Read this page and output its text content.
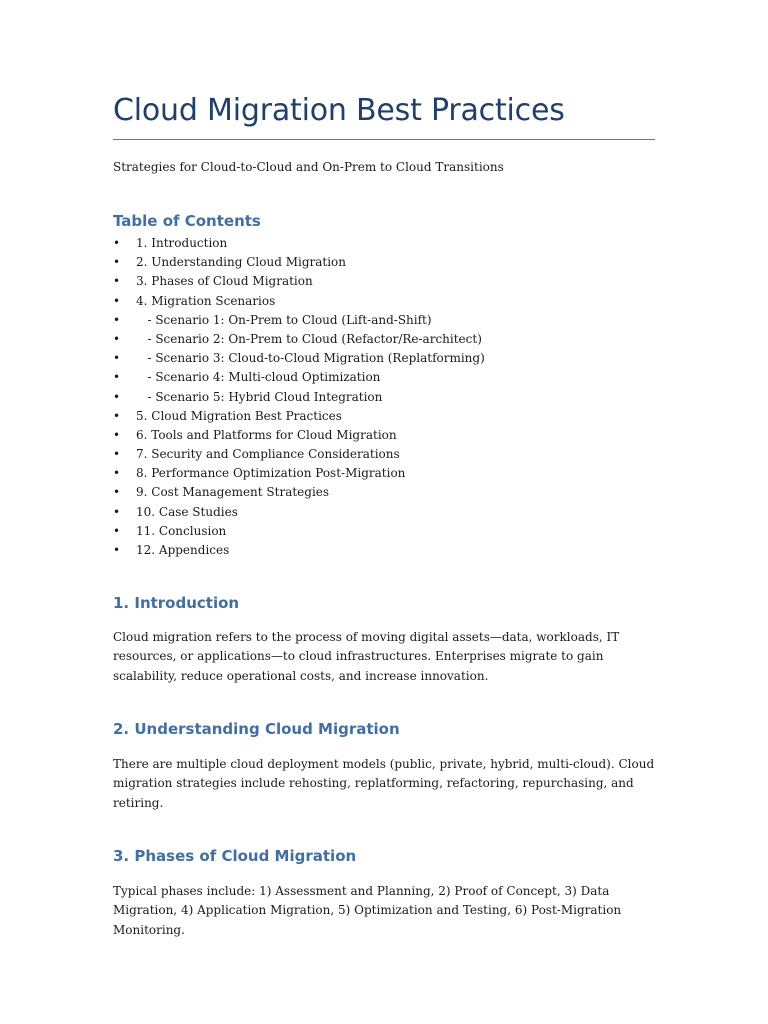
Cloud Migration Best Practices

Strategies for Cloud-to-Cloud and On-Prem to Cloud Transitions

Table of Contents
• 1. Introduction
• 2. Understanding Cloud Migration
• 3. Phases of Cloud Migration
• 4. Migration Scenarios
• - Scenario 1: On-Prem to Cloud (Lift-and-Shift)
• - Scenario 2: On-Prem to Cloud (Refactor/Re-architect)
• - Scenario 3: Cloud-to-Cloud Migration (Replatforming)
• - Scenario 4: Multi-cloud Optimization
• - Scenario 5: Hybrid Cloud Integration
• 5. Cloud Migration Best Practices
• 6. Tools and Platforms for Cloud Migration
• 7. Security and Compliance Considerations
• 8. Performance Optimization Post-Migration
• 9. Cost Management Strategies
• 10. Case Studies
• 11. Conclusion
• 12. Appendices
1. Introduction

Cloud migration refers to the process of moving digital assets—data, workloads, IT resources, or applications—to cloud infrastructures. Enterprises migrate to gain scalability, reduce operational costs, and increase innovation.

2. Understanding Cloud Migration

There are multiple cloud deployment models (public, private, hybrid, multi-cloud). Cloud migration strategies include rehosting, replatforming, refactoring, repurchasing, and retiring.

3. Phases of Cloud Migration

Typical phases include: 1) Assessment and Planning, 2) Proof of Concept, 3) Data Migration, 4) Application Migration, 5) Optimization and Testing, 6) Post-Migration Monitoring.
